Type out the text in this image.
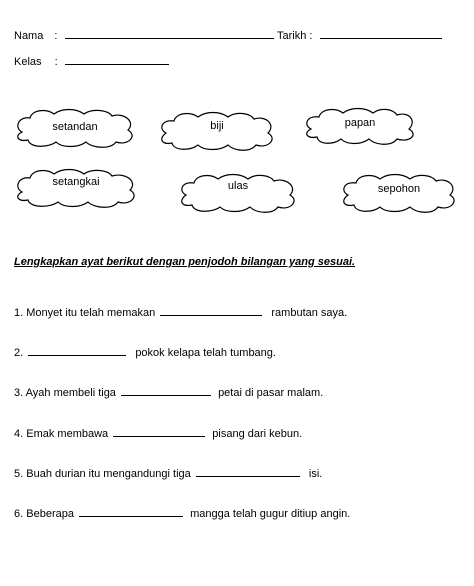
Nama :	Tarikh :
Kelas :
setandan	biji	papan
setangkai	ulas	sepohon
Lengkapkan ayat berikut dengan penjodoh bilangan yang sesuai.
1. Monyet itu telah memakan	rambutan saya.
2.	pokok kelapa telah tumbang.
3. Ayah membeli tiga	petai di pasar malam.
4. Emak membawa	pisang dari kebun.
5. Buah durian itu mengandungi tiga	isi.
6. Beberapa	mangga telah gugur ditiup angin.
